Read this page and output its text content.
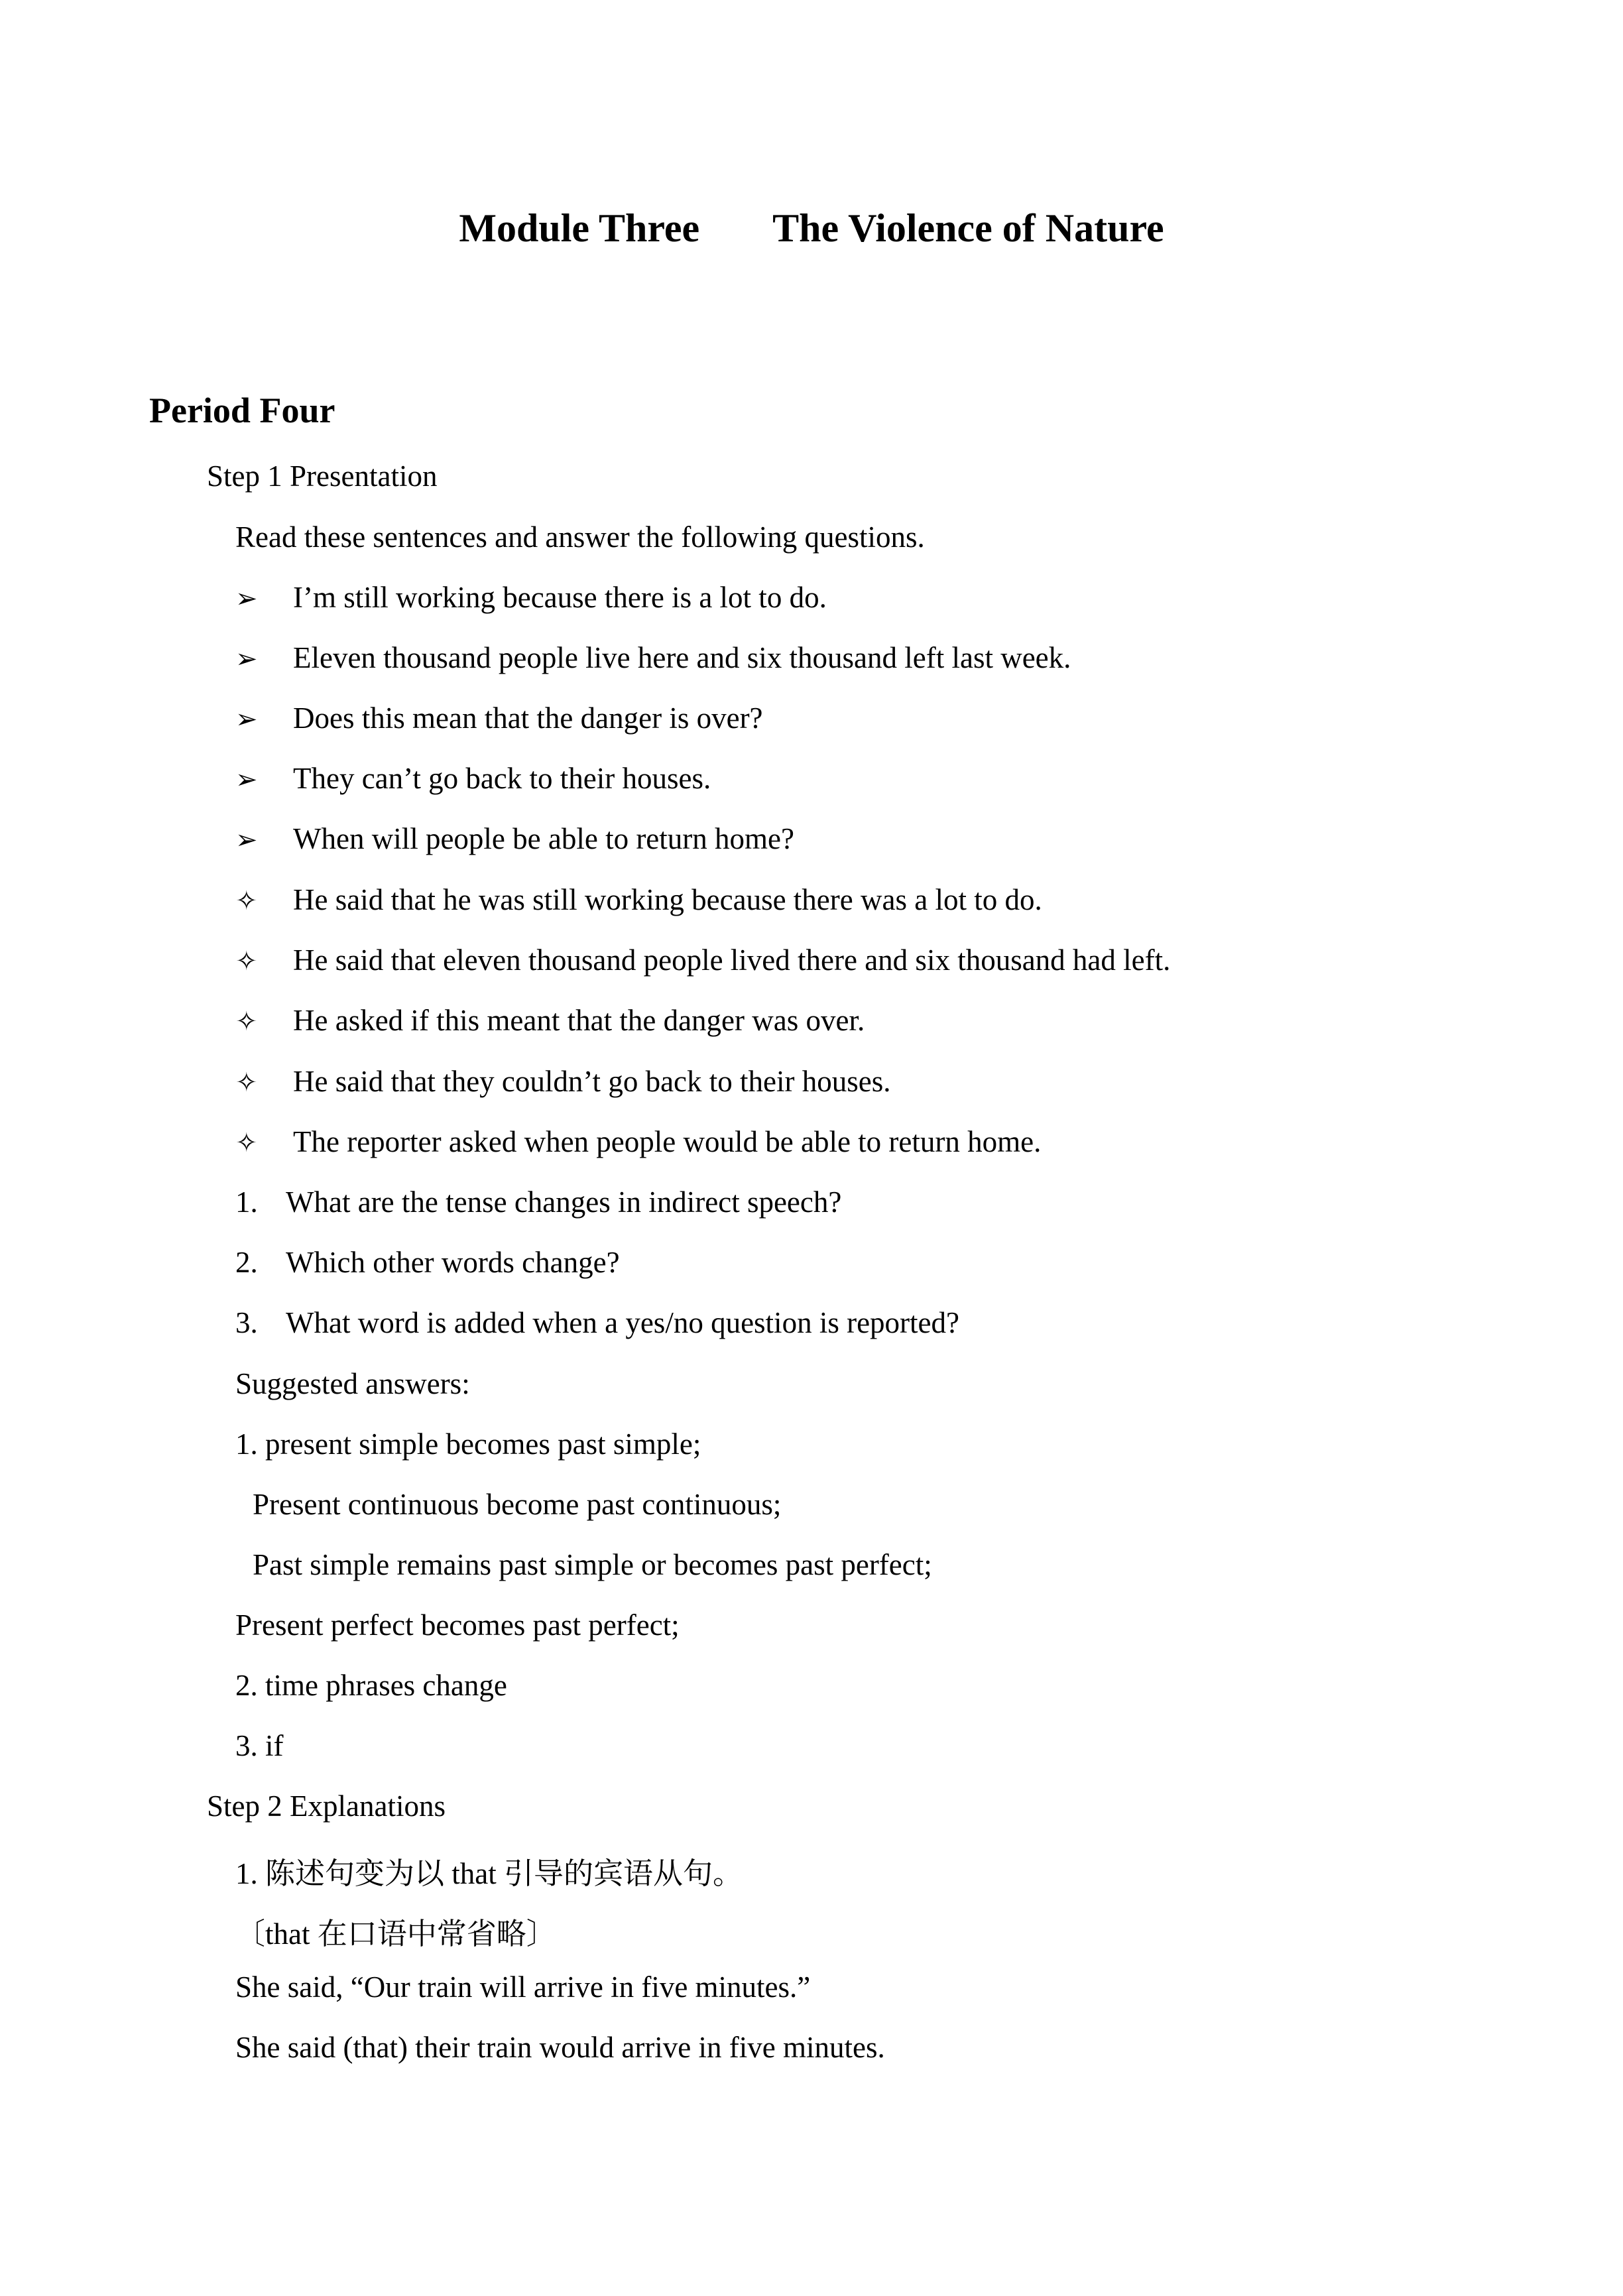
Module Three The Violence of Nature
Period Four
Step 1 Presentation
Read these sentences and answer the following questions.
➢ I’m still working because there is a lot to do.
➢ Eleven thousand people live here and six thousand left last week.
➢ Does this mean that the danger is over?
➢ They can’t go back to their houses.
➢ When will people be able to return home?
✧ He said that he was still working because there was a lot to do.
✧ He said that eleven thousand people lived there and six thousand had left.
✧ He asked if this meant that the danger was over.
✧ He said that they couldn’t go back to their houses.
✧ The reporter asked when people would be able to return home.
1. What are the tense changes in indirect speech?
2. Which other words change?
3. What word is added when a yes/no question is reported?
Suggested answers:
1. present simple becomes past simple;
Present continuous become past continuous;
Past simple remains past simple or becomes past perfect;
Present perfect becomes past perfect;
2. time phrases change
3. if
Step 2 Explanations
1. 陈述句变为以 that 引导的宾语从句。
〔that 在口语中常省略〕
She said, “Our train will arrive in five minutes.”
She said (that) their train would arrive in five minutes.
